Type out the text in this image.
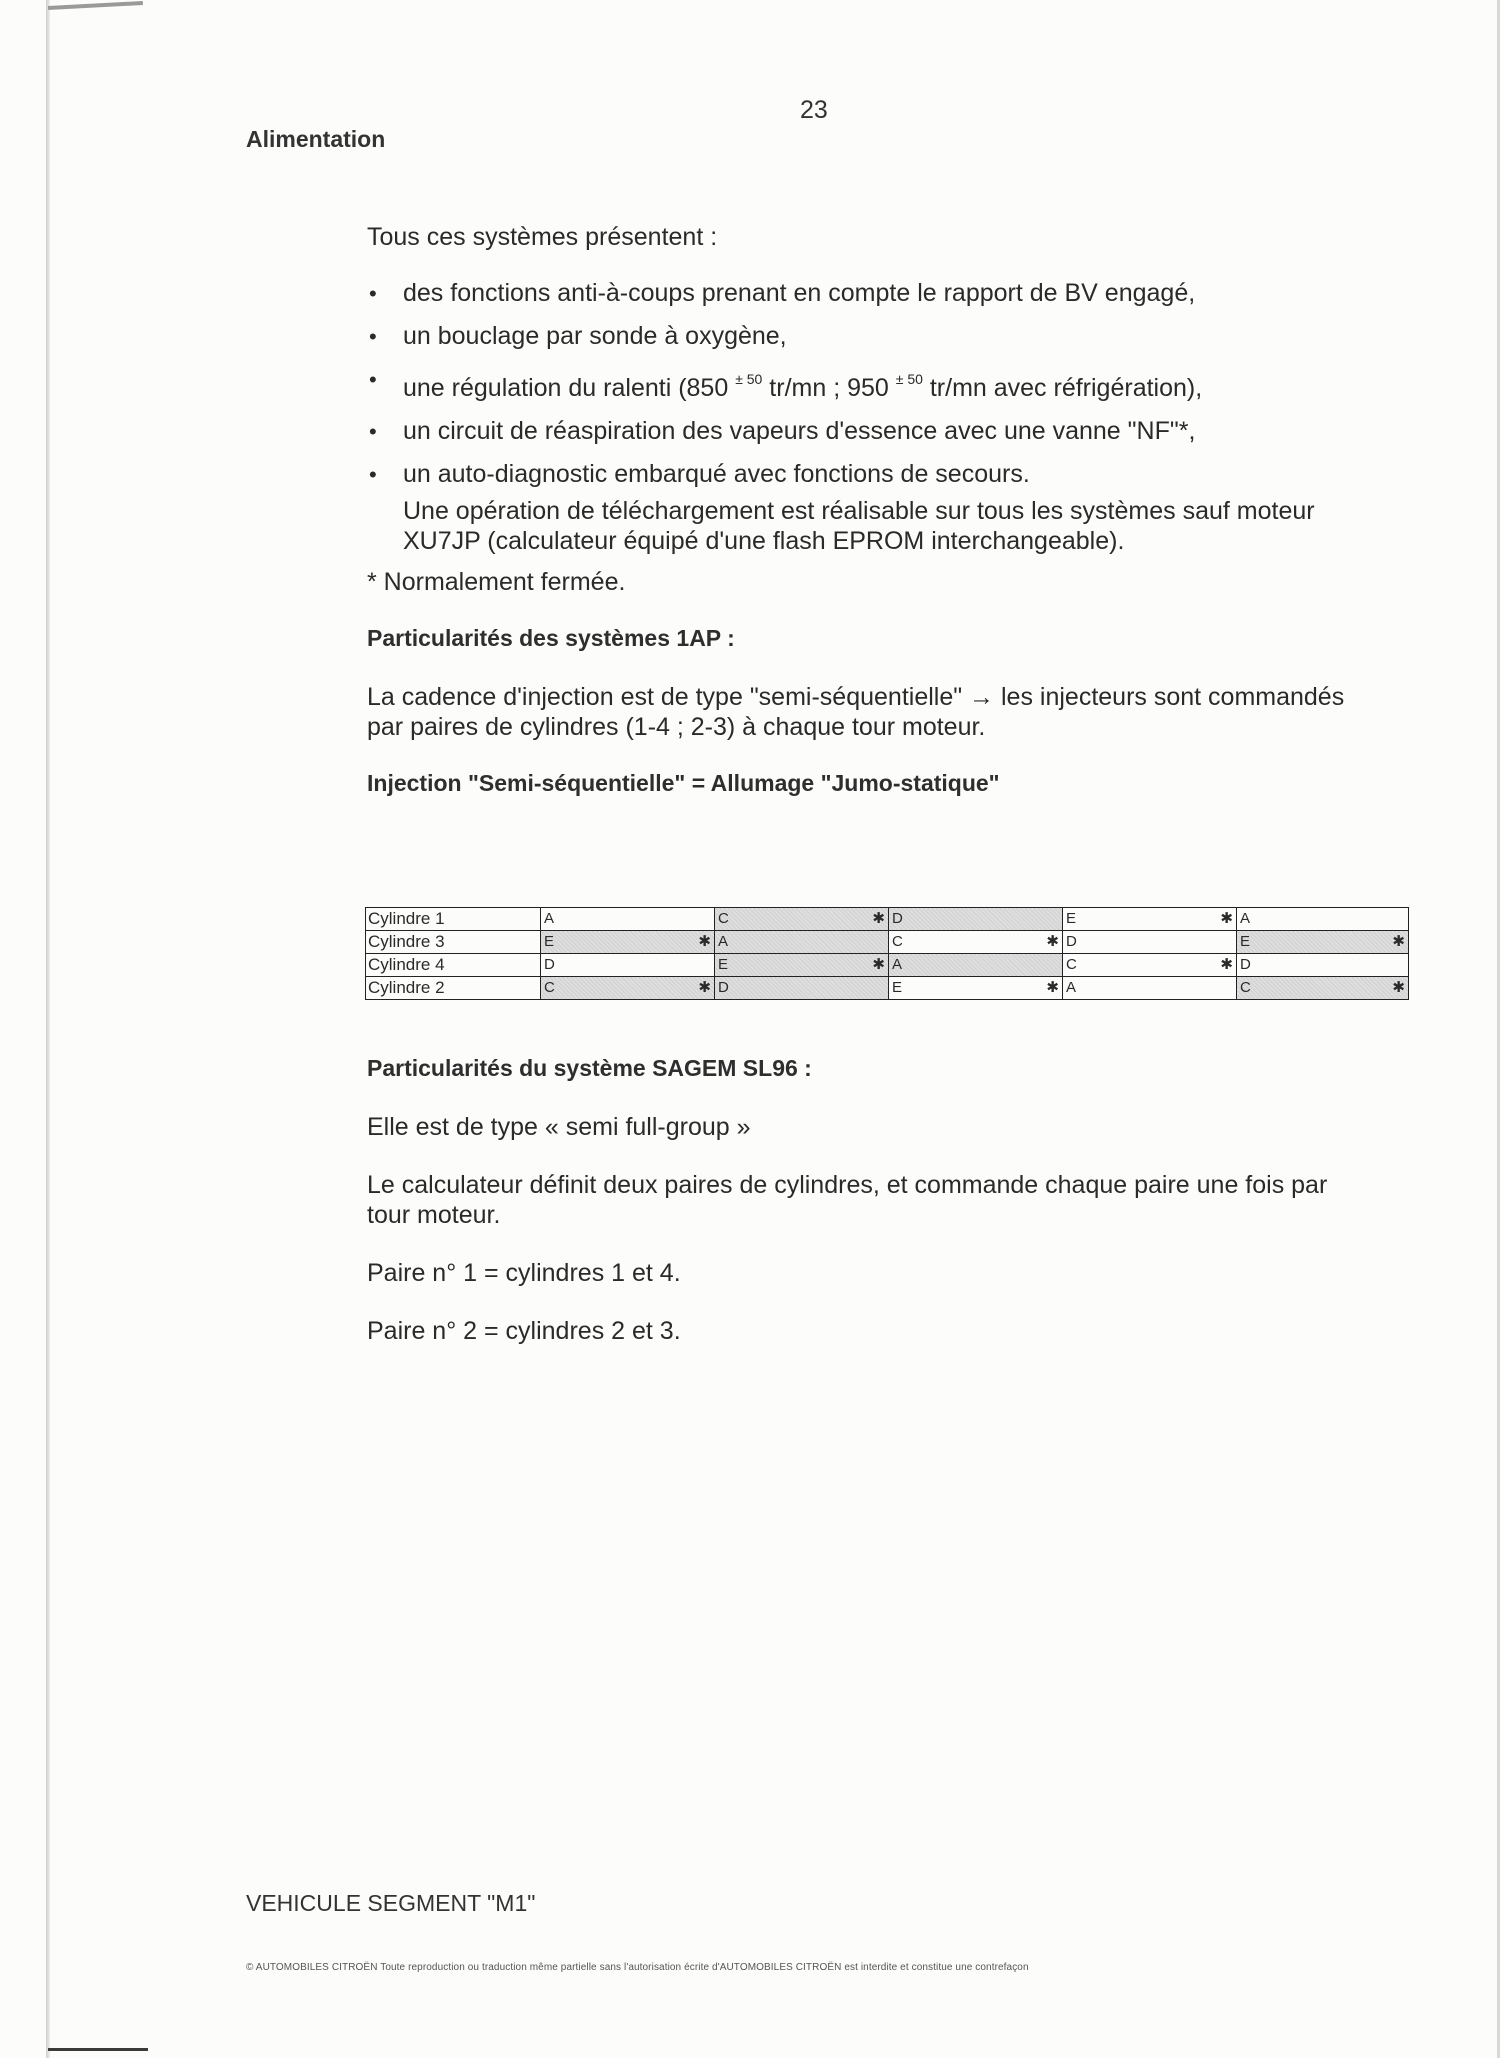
23
Alimentation

Tous ces systèmes présentent :

• des fonctions anti-à-coups prenant en compte le rapport de BV engagé,
• un bouclage par sonde à oxygène,
• une régulation du ralenti (850 $^{\pm 50}$ tr/mn ; 950 $^{\pm 50}$ tr/mn avec réfrigération),
• un circuit de réaspiration des vapeurs d'essence avec une vanne "NF"*,
• un auto-diagnostic embarqué avec fonctions de secours.

Une opération de téléchargement est réalisable sur tous les systèmes sauf moteur XU7JP (calculateur équipé d'une flash EPROM interchangeable).

* Normalement fermée.

Particularités des systèmes 1AP :

La cadence d'injection est de type "semi-séquentielle" → les injecteurs sont commandés par paires de cylindres (1-4 ; 2-3) à chaque tour moteur.

Injection "Semi-séquentielle" = Allumage "Jumo-statique"

Cylindre 1	A	C ✱	D	E ✱	A

Cylindre 3	E ✱	A	C ✱	D	E ✱

Cylindre 4	D	E ✱	A	C ✱	D

Cylindre 2	C ✱	D	E ✱	A	C ✱

Particularités du système SAGEM SL96 :

Elle est de type « semi full-group »

Le calculateur définit deux paires de cylindres, et commande chaque paire une fois par tour moteur.

Paire n° 1 = cylindres 1 et 4.

Paire n° 2 = cylindres 2 et 3.

VEHICULE SEGMENT "M1"
© AUTOMOBILES CITROËN Toute reproduction ou traduction même partielle sans l'autorisation écrite d'AUTOMOBILES CITROËN est interdite et constitue une contrefaçon
